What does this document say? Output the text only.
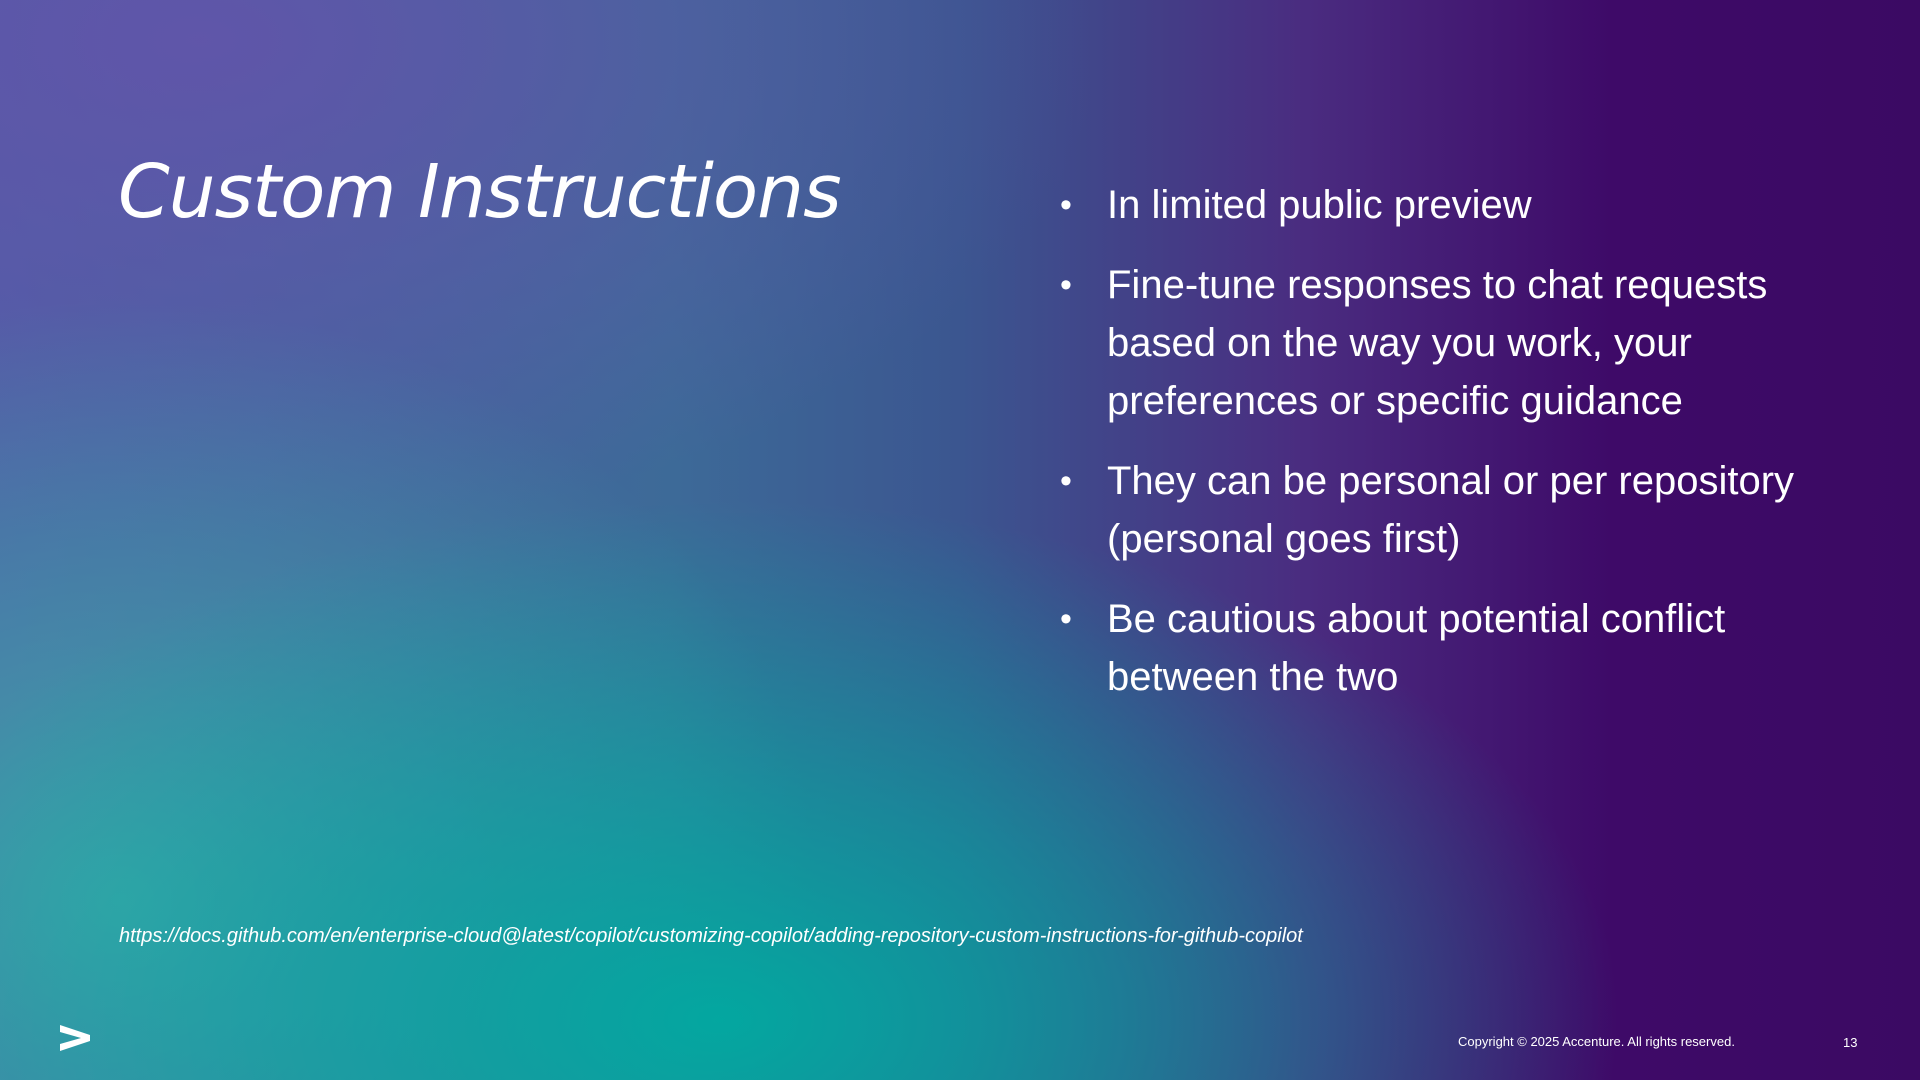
Custom Instructions	• In limited public preview
• Fine-tune responses to chat requests based on the way you work, your preferences or specific guidance
• They can be personal or per repository (personal goes first)
• Be cautious about potential conflict between the two
https://docs.github.com/en/enterprise-cloud@latest/copilot/customizing-copilot/adding-repository-custom-instructions-for-github-copilot
Copyright © 2025 Accenture. All rights reserved.	13
